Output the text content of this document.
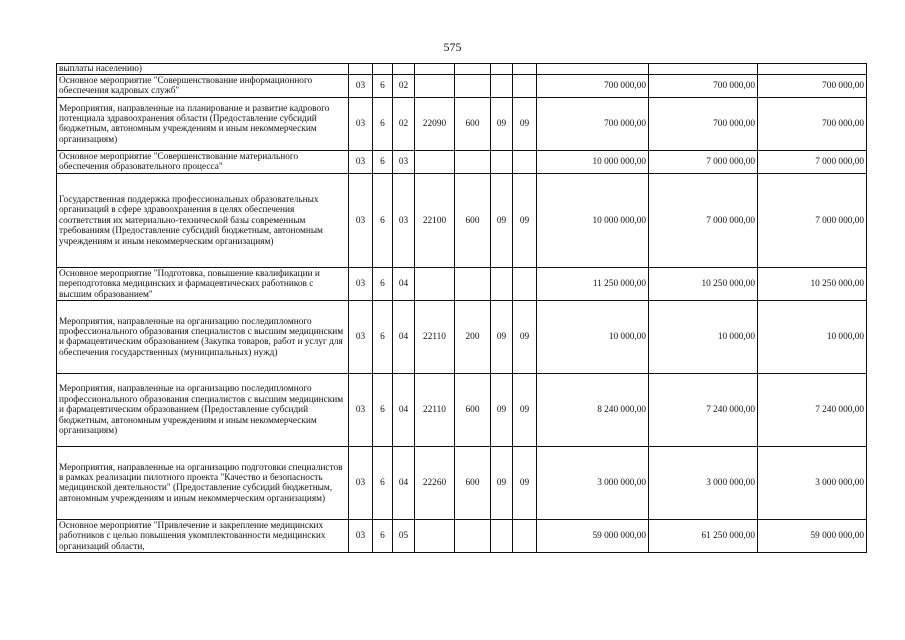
575
выплаты населению)										
Основное мероприятие "Совершенствование информационного обеспечения кадровых служб"	03	6	02					700 000,00	700 000,00	700 000,00
Мероприятия, направленные на планирование и развитие кадрового потенциала здравоохранения области (Предоставление субсидий бюджетным, автономным учреждениям и иным некоммерческим организациям)	03	6	02	22090	600	09	09	700 000,00	700 000,00	700 000,00
Основное мероприятие "Совершенствование материального обеспечения образовательного процесса"	03	6	03					10 000 000,00	7 000 000,00	7 000 000,00
Государственная поддержка профессиональных образовательных организаций в сфере здравоохранения в целях обеспечения соответствия их материально-технической базы современным требованиям (Предоставление субсидий бюджетным, автономным учреждениям и иным некоммерческим организациям)	03	6	03	22100	600	09	09	10 000 000,00	7 000 000,00	7 000 000,00
Основное мероприятие "Подготовка, повышение квалификации и переподготовка медицинских и фармацевтических работников с высшим образованием"	03	6	04					11 250 000,00	10 250 000,00	10 250 000,00
Мероприятия, направленные на организацию последипломного профессионального образования специалистов с высшим медицинским и фармацевтическим образованием (Закупка товаров, работ и услуг для обеспечения государственных (муниципальных) нужд)	03	6	04	22110	200	09	09	10 000,00	10 000,00	10 000,00
Мероприятия, направленные на организацию последипломного профессионального образования специалистов с высшим медицинским и фармацевтическим образованием (Предоставление субсидий бюджетным, автономным учреждениям и иным некоммерческим организациям)	03	6	04	22110	600	09	09	8 240 000,00	7 240 000,00	7 240 000,00
Мероприятия, направленные на организацию подготовки специалистов в рамках реализации пилотного проекта "Качество и безопасность медицинской деятельности" (Предоставление субсидий бюджетным, автономным учреждениям и иным некоммерческим организациям)	03	6	04	22260	600	09	09	3 000 000,00	3 000 000,00	3 000 000,00
Основное мероприятие "Привлечение и закрепление медицинских работников с целью повышения укомплектованности медицинских организаций области,	03	6	05					59 000 000,00	61 250 000,00	59 000 000,00
